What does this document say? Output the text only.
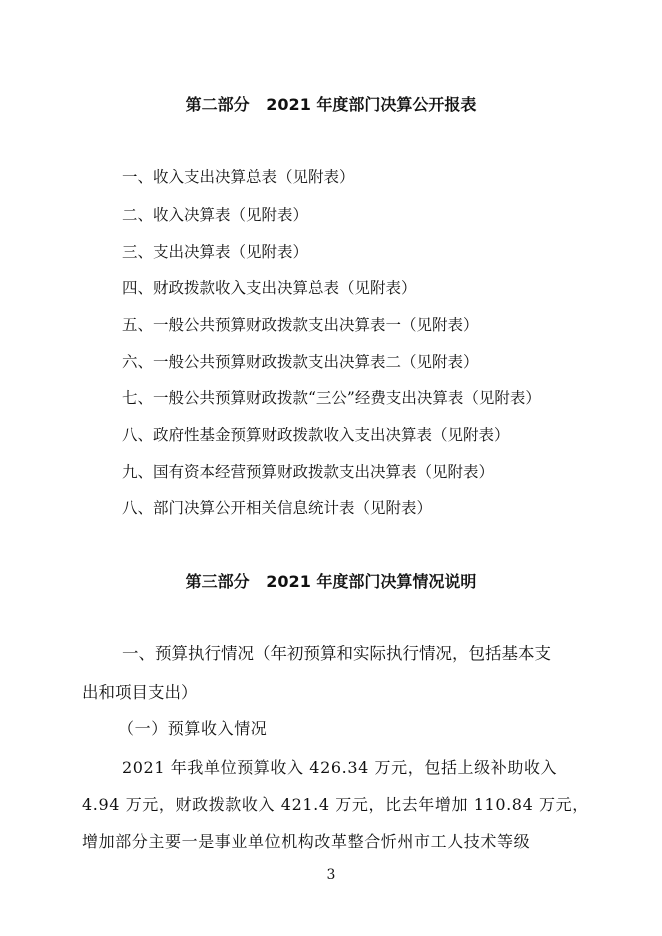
第二部分   2021 年度部门决算公开报表
一、收入支出决算总表（见附表）
二、收入决算表（见附表）
三、支出决算表（见附表）
四、财政拨款收入支出决算总表（见附表）
五、一般公共预算财政拨款支出决算表一（见附表）
六、一般公共预算财政拨款支出决算表二（见附表）
七、一般公共预算财政拨款“三公”经费支出决算表（见附表）
八、政府性基金预算财政拨款收入支出决算表（见附表）
九、国有资本经营预算财政拨款支出决算表（见附表）
八、部门决算公开相关信息统计表（见附表）
第三部分   2021 年度部门决算情况说明
一、预算执行情况（年初预算和实际执行情况，包括基本支
出和项目支出）
（一）预算收入情况
2021 年我单位预算收入 426.34 万元，包括上级补助收入
4.94 万元，财政拨款收入 421.4 万元，比去年增加 110.84 万元，
增加部分主要一是事业单位机构改革整合忻州市工人技术等级
3
